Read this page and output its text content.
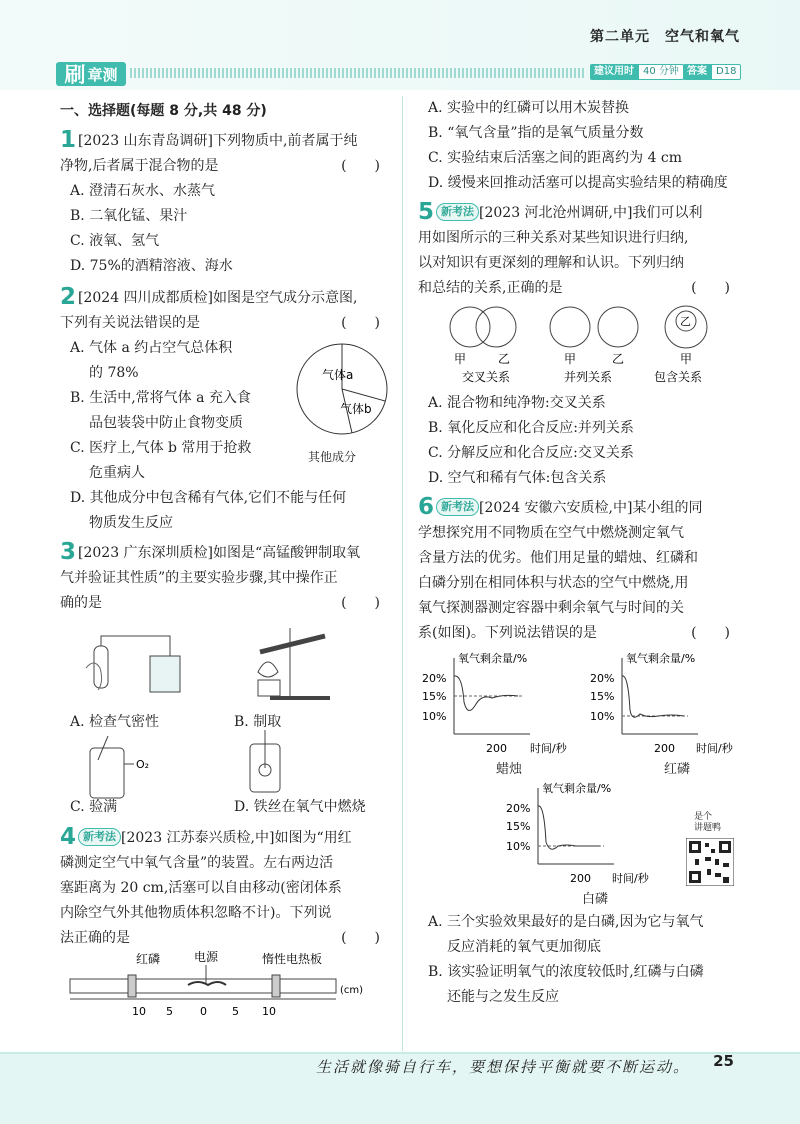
第二单元　空气和氧气
刷 章测	建议用时 40 分钟 答案 D18
一、选择题(每题 8 分,共 48 分)
1 [2023 山东青岛调研]下列物质中,前者属于纯
净物,后者属于混合物的是	(　　)
A. 澄清石灰水、水蒸气
B. 二氧化锰、果汁
C. 液氧、氢气
D. 75%的酒精溶液、海水
2 [2024 四川成都质检]如图是空气成分示意图,
下列有关说法错误的是	(　　)
A. 气体 a 约占空气总体积
的 78%
B. 生活中,常将气体 a 充入食
品包装袋中防止食物变质
C. 医疗上,气体 b 常用于抢救
危重病人
D. 其他成分中包含稀有气体,它们不能与任何
物质发生反应
气体a
气体b
其他成分
3 [2023 广东深圳质检]如图是“高锰酸钾制取氧
气并验证其性质”的主要实验步骤,其中操作正
确的是	(　　)
A. 检查气密性	B. 制取
O₂
C. 验满	D. 铁丝在氧气中燃烧
4 新考法 [2023 江苏泰兴质检,中]如图为“用红
磷测定空气中氧气含量”的装置。左右两边活
塞距离为 20 cm,活塞可以自由移动(密闭体系
内除空气外其他物质体积忽略不计)。下列说
法正确的是	(　　)
红磷	电源	惰性电热板
(cm)
10 5 0 5 10
A. 实验中的红磷可以用木炭替换
B. “氧气含量”指的是氧气质量分数
C. 实验结束后活塞之间的距离约为 4 cm
D. 缓慢来回推动活塞可以提高实验结果的精确度
5 新考法 [2023 河北沧州调研,中]我们可以利
用如图所示的三种关系对某些知识进行归纳,
以对知识有更深刻的理解和认识。下列归纳
和总结的关系,正确的是	(　　)
甲	乙
交叉关系
甲	乙
并列关系
乙
甲
包含关系
A. 混合物和纯净物:交叉关系
B. 氧化反应和化合反应:并列关系
C. 分解反应和化合反应:交叉关系
D. 空气和稀有气体:包含关系
6 新考法 [2024 安徽六安质检,中]某小组的同
学想探究用不同物质在空气中燃烧测定氧气
含量方法的优劣。他们用足量的蜡烛、红磷和
白磷分别在相同体积与状态的空气中燃烧,用
氧气探测器测定容器中剩余氧气与时间的关
系(如图)。下列说法错误的是	(　　)
氧气剩余量/%
20%
15%
10%
200 时间/秒
蜡烛
氧气剩余量/%
20%
15%
10%
200 时间/秒
红磷
氧气剩余量/%
20%
15%
10%
200 时间/秒
白磷
是个
讲题鸭
A. 三个实验效果最好的是白磷,因为它与氧气
反应消耗的氧气更加彻底
B. 该实验证明氧气的浓度较低时,红磷与白磷
还能与之发生反应
生活就像骑自行车，要想保持平衡就要不断运动。 25
